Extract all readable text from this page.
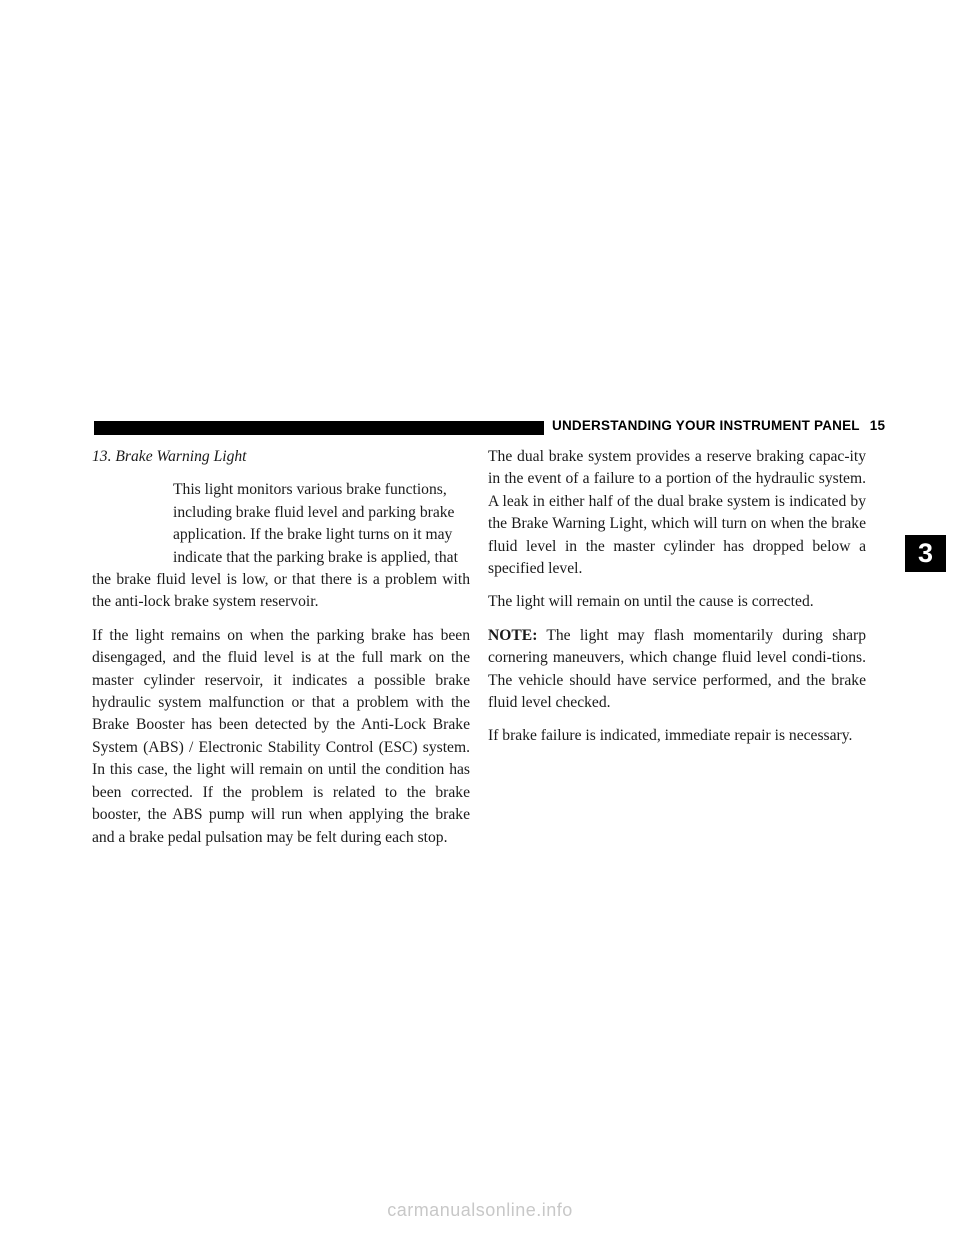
UNDERSTANDING YOUR INSTRUMENT PANEL 15

13. Brake Warning Light

This light monitors various brake functions,
including brake fluid level and parking brake
application. If the brake light turns on it may
indicate that the parking brake is applied, that

the brake fluid level is low, or that there is a problem with the anti-lock brake system reservoir.

If the light remains on when the parking brake has been disengaged, and the fluid level is at the full mark on the master cylinder reservoir, it indicates a possible brake hydraulic system malfunction or that a problem with the Brake Booster has been detected by the Anti-Lock Brake System (ABS) / Electronic Stability Control (ESC) system. In this case, the light will remain on until the condition has been corrected. If the problem is related to the brake booster, the ABS pump will run when applying the brake and a brake pedal pulsation may be felt during each stop.

The dual brake system provides a reserve braking capac-ity in the event of a failure to a portion of the hydraulic system. A leak in either half of the dual brake system is indicated by the Brake Warning Light, which will turn on when the brake fluid level in the master cylinder has dropped below a specified level.

The light will remain on until the cause is corrected.

NOTE: The light may flash momentarily during sharp cornering maneuvers, which change fluid level condi-tions. The vehicle should have service performed, and the brake fluid level checked.

If brake failure is indicated, immediate repair is necessary.

3
carmanualsonline.info
